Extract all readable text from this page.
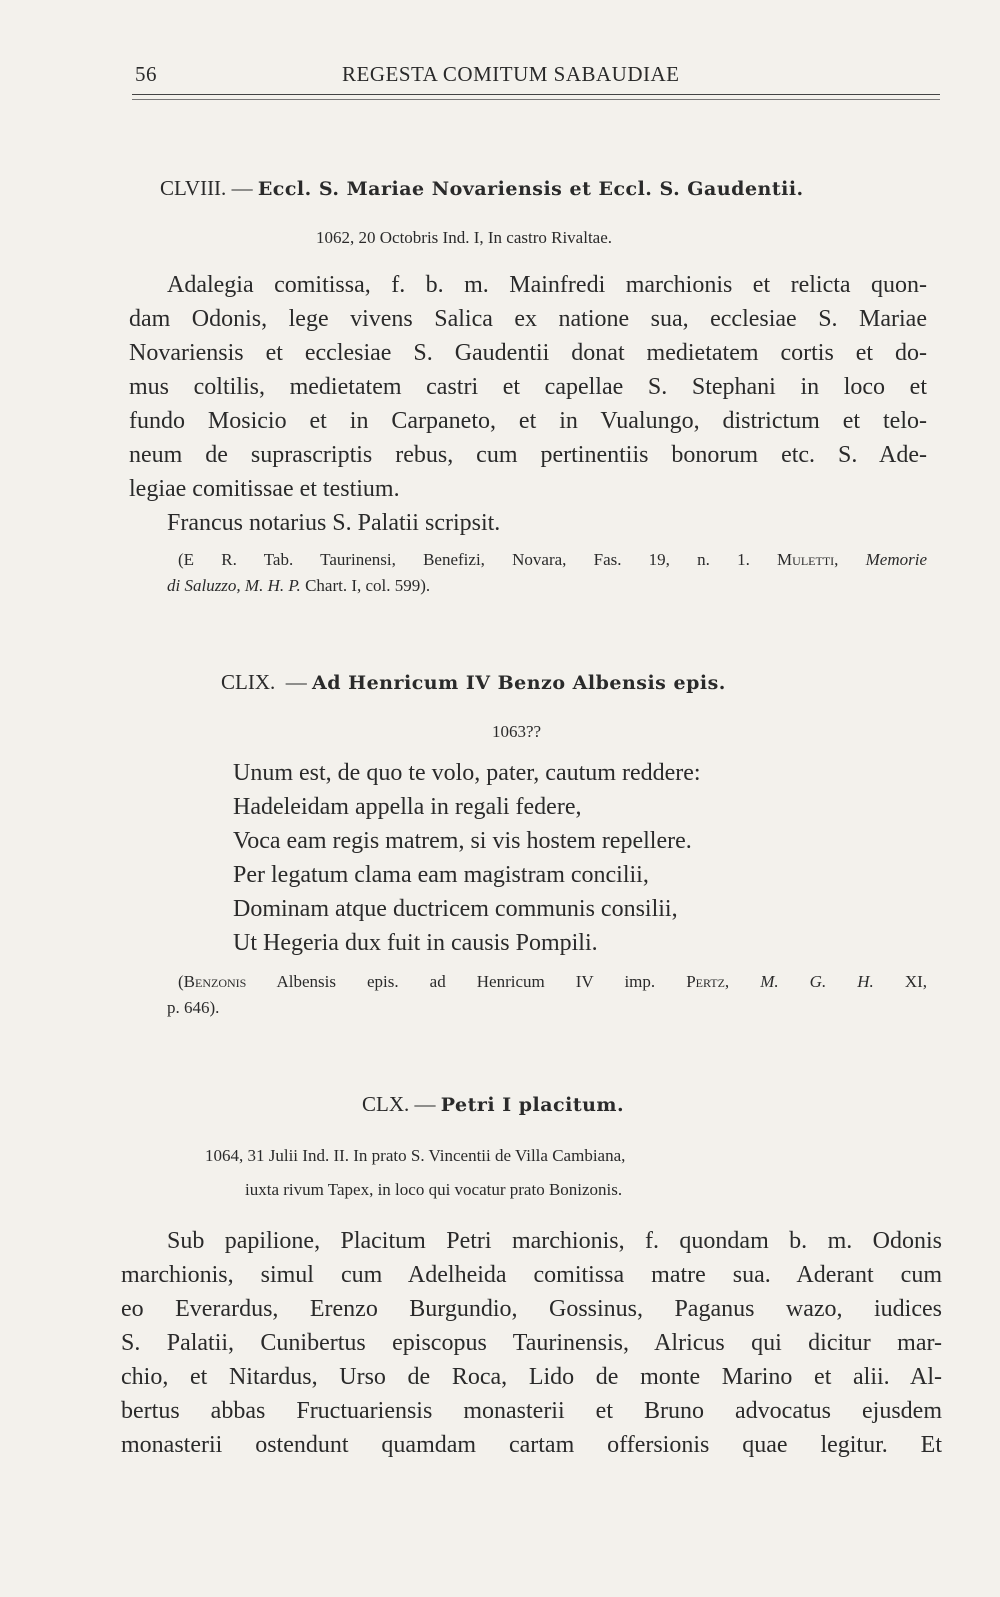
56	REGESTA COMITUM SABAUDIAE
CLVIII. — Eccl. S. Mariae Novariensis et Eccl. S. Gaudentii.
1062, 20 Octobris Ind. I, In castro Rivaltae.
Adalegia comitissa, f. b. m. Mainfredi marchionis et relicta quon-
dam Odonis, lege vivens Salica ex natione sua, ecclesiae S. Mariae
Novariensis et ecclesiae S. Gaudentii donat medietatem cortis et do-
mus coltilis, medietatem castri et capellae S. Stephani in loco et
fundo Mosicio et in Carpaneto, et in Vualungo, districtum et telo-
neum de suprascriptis rebus, cum pertinentiis bonorum etc. S. Ade-
legiae comitissae et testium.
Francus notarius S. Palatii scripsit.
(E R. Tab. Taurinensi, Benefizi, Novara, Fas. 19, n. 1. Muletti, Memorie
di Saluzzo, M. H. P. Chart. I, col. 599).
CLIX. — Ad Henricum IV Benzo Albensis epis.
1063??
Unum est, de quo te volo, pater, cautum reddere:
Hadeleidam appella in regali federe,
Voca eam regis matrem, si vis hostem repellere.
Per legatum clama eam magistram concilii,
Dominam atque ductricem communis consilii,
Ut Hegeria dux fuit in causis Pompili.
(Benzonis Albensis epis. ad Henricum IV imp. Pertz, M. G. H. XI,
p. 646).
CLX. — Petri I placitum.
1064, 31 Julii Ind. II. In prato S. Vincentii de Villa Cambiana,
iuxta rivum Tapex, in loco qui vocatur prato Bonizonis.
Sub papilione, Placitum Petri marchionis, f. quondam b. m. Odonis
marchionis, simul cum Adelheida comitissa matre sua. Aderant cum
eo Everardus, Erenzo Burgundio, Gossinus, Paganus wazo, iudices
S. Palatii, Cunibertus episcopus Taurinensis, Alricus qui dicitur mar-
chio, et Nitardus, Urso de Roca, Lido de monte Marino et alii. Al-
bertus abbas Fructuariensis monasterii et Bruno advocatus ejusdem
monasterii ostendunt quamdam cartam offersionis quae legitur. Et
